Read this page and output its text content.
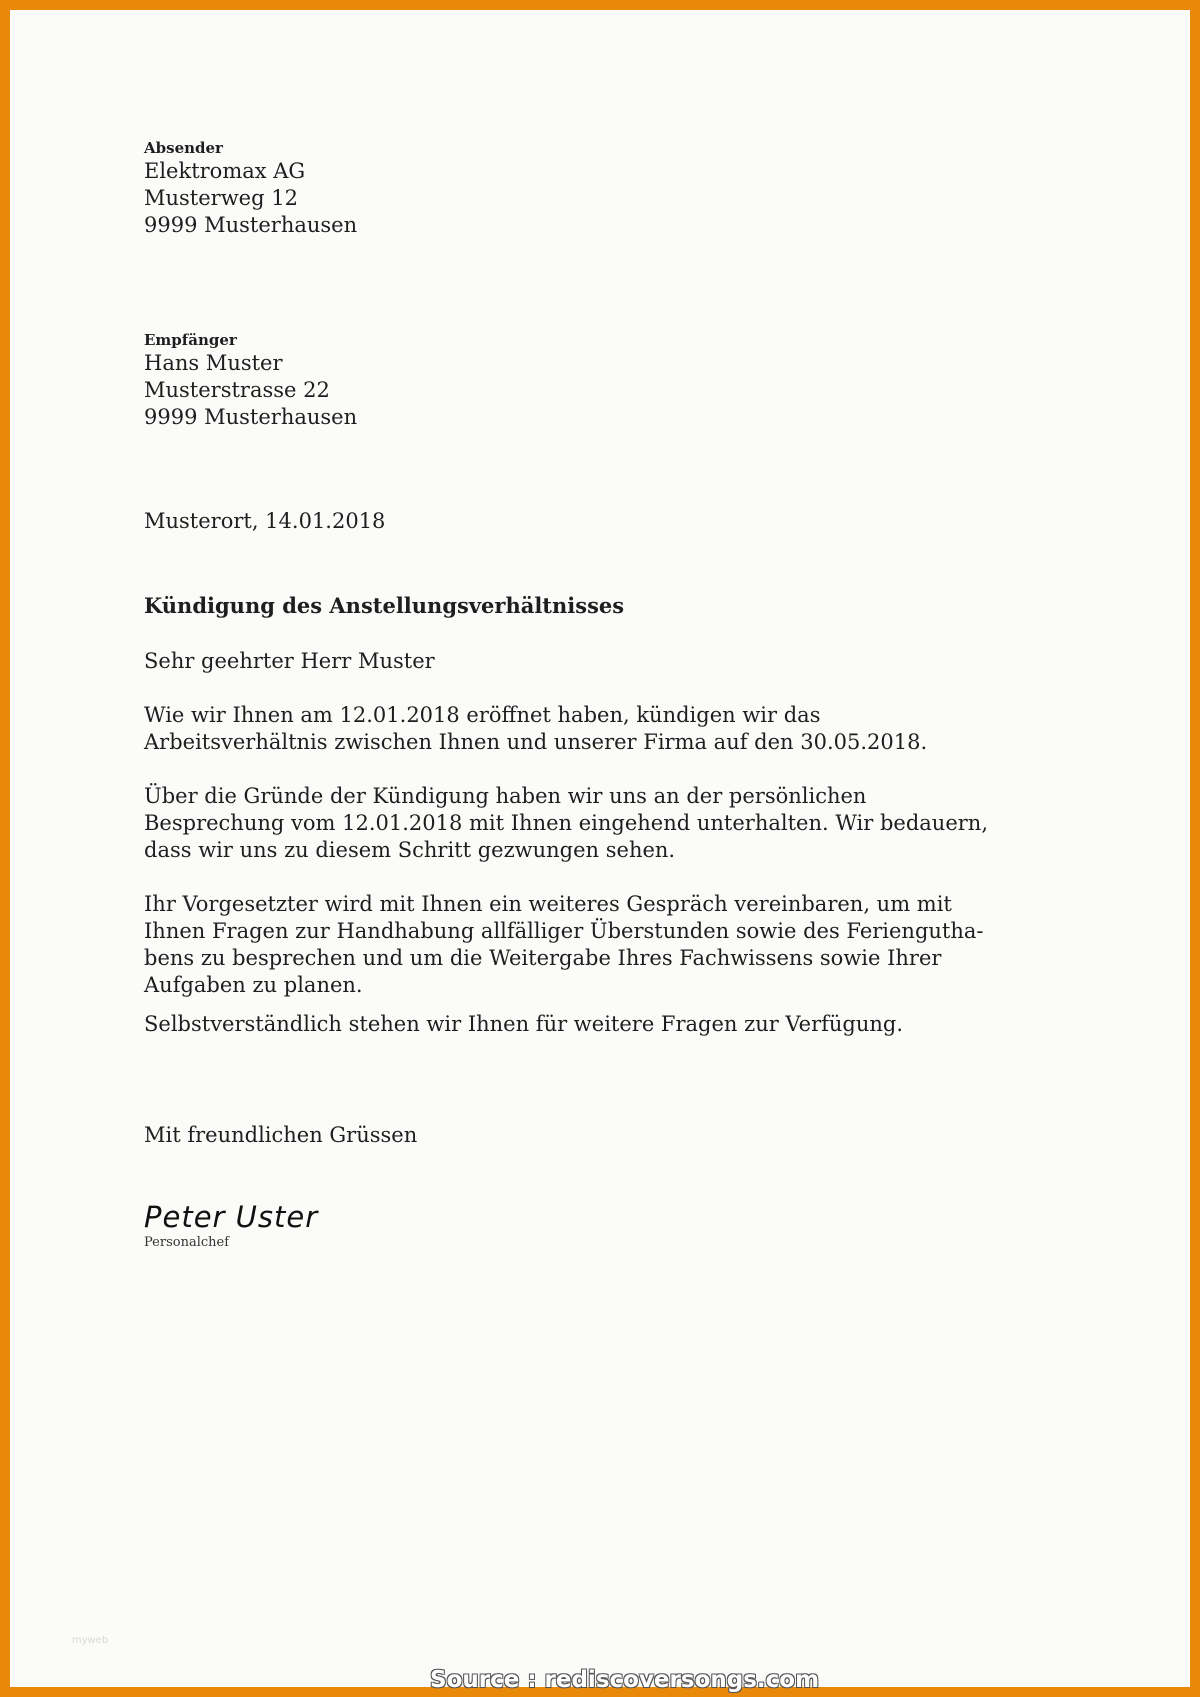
Absender

Elektromax AG

Musterweg 12

9999 Musterhausen

Empfänger

Hans Muster

Musterstrasse 22

9999 Musterhausen

Musterort, 14.01.2018

Kündigung des Anstellungsverhältnisses

Sehr geehrter Herr Muster

Wie wir Ihnen am 12.01.2018 eröffnet haben, kündigen wir das Arbeitsverhältnis zwischen Ihnen und unserer Firma auf den 30.05.2018.

Über die Gründe der Kündigung haben wir uns an der persönlichen Besprechung vom 12.01.2018 mit Ihnen eingehend unterhalten. Wir bedauern, dass wir uns zu diesem Schritt gezwungen sehen.

Ihr Vorgesetzter wird mit Ihnen ein weiteres Gespräch vereinbaren, um mit Ihnen Fragen zur Handhabung allfälliger Überstunden sowie des Ferienguthabens zu besprechen und um die Weitergabe Ihres Fachwissens sowie Ihrer Aufgaben zu planen.

Selbstverständlich stehen wir Ihnen für weitere Fragen zur Verfügung.

Mit freundlichen Grüssen

Peter Uster

Personalchef

myweb
Source : rediscoversongs.com
